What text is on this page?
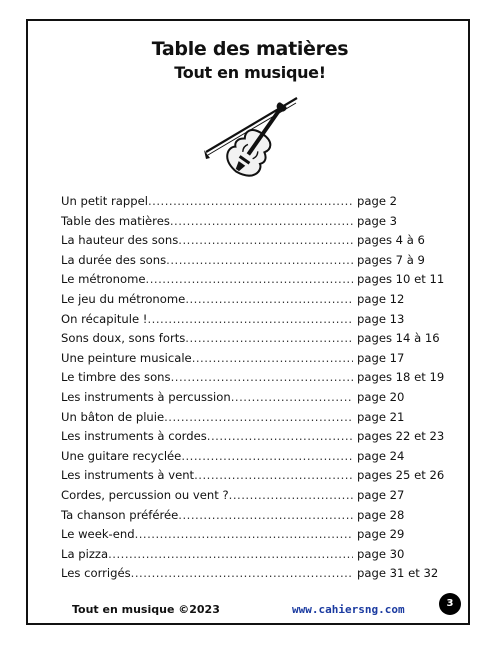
Table des matières
Tout en musique!
Un petit rappel .....	page 2
Table des matières .....	page 3
La hauteur des sons .....	pages 4 à 6
La durée des sons .....	pages 7 à 9
Le métronome .....	pages 10 et 11
Le jeu du métronome .....	page 12
On récapitule ! .....	page 13
Sons doux, sons forts .....	pages 14 à 16
Une peinture musicale .....	page 17
Le timbre des sons .....	pages 18 et 19
Les instruments à percussion .....	page 20
Un bâton de pluie .....	page 21
Les instruments à cordes .....	pages 22 et 23
Une guitare recyclée .....	page 24
Les instruments à vent .....	pages 25 et 26
Cordes, percussion ou vent ? .....	page 27
Ta chanson préférée .....	page 28
Le week-end .....	page 29
La pizza .....	page 30
Les corrigés .....	page 31 et 32
Tout en musique ©2023	www.cahiersng.com	3
